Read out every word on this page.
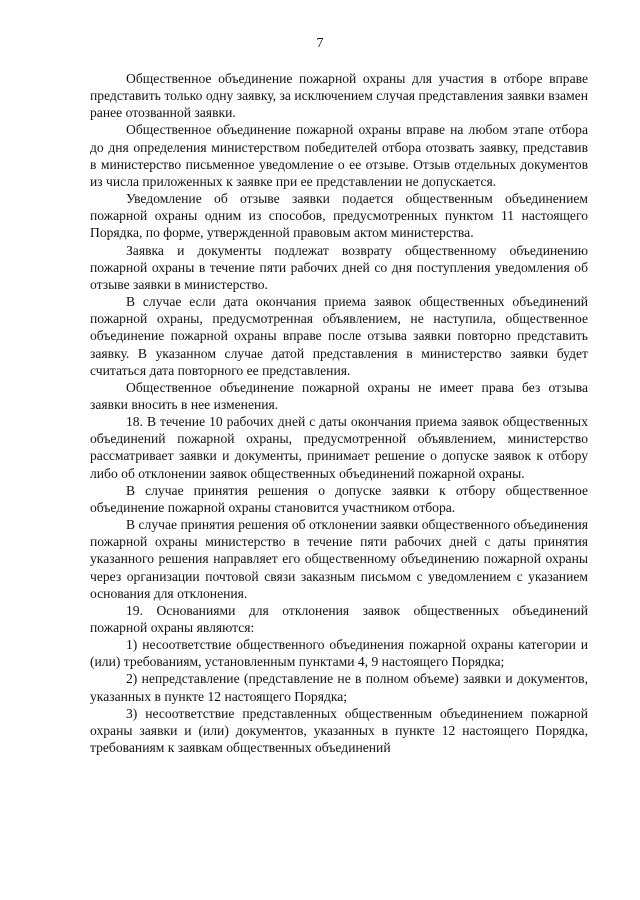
7

Общественное объединение пожарной охраны для участия в отборе вправе представить только одну заявку, за исключением случая представления заявки взамен ранее отозванной заявки.

Общественное объединение пожарной охраны вправе на любом этапе отбора до дня определения министерством победителей отбора отозвать заявку, представив в министерство письменное уведомление о ее отзыве. Отзыв отдельных документов из числа приложенных к заявке при ее представлении не допускается.

Уведомление об отзыве заявки подается общественным объединением пожарной охраны одним из способов, предусмотренных пунктом 11 настоящего Порядка, по форме, утвержденной правовым актом министерства.

Заявка и документы подлежат возврату общественному объединению пожарной охраны в течение пяти рабочих дней со дня поступления уведомления об отзыве заявки в министерство.

В случае если дата окончания приема заявок общественных объединений пожарной охраны, предусмотренная объявлением, не наступила, общественное объединение пожарной охраны вправе после отзыва заявки повторно представить заявку. В указанном случае датой представления в министерство заявки будет считаться дата повторного ее представления.

Общественное объединение пожарной охраны не имеет права без отзыва заявки вносить в нее изменения.

18. В течение 10 рабочих дней с даты окончания приема заявок общественных объединений пожарной охраны, предусмотренной объявлением, министерство рассматривает заявки и документы, принимает решение о допуске заявок к отбору либо об отклонении заявок общественных объединений пожарной охраны.

В случае принятия решения о допуске заявки к отбору общественное объединение пожарной охраны становится участником отбора.

В случае принятия решения об отклонении заявки общественного объединения пожарной охраны министерство в течение пяти рабочих дней с даты принятия указанного решения направляет его общественному объединению пожарной охраны через организации почтовой связи заказным письмом с уведомлением с указанием основания для отклонения.

19. Основаниями для отклонения заявок общественных объединений пожарной охраны являются:

1) несоответствие общественного объединения пожарной охраны категории и (или) требованиям, установленным пунктами 4, 9 настоящего Порядка;

2) непредставление (представление не в полном объеме) заявки и документов, указанных в пункте 12 настоящего Порядка;

3) несоответствие представленных общественным объединением пожарной охраны заявки и (или) документов, указанных в пункте 12 настоящего Порядка, требованиям к заявкам общественных объединений
